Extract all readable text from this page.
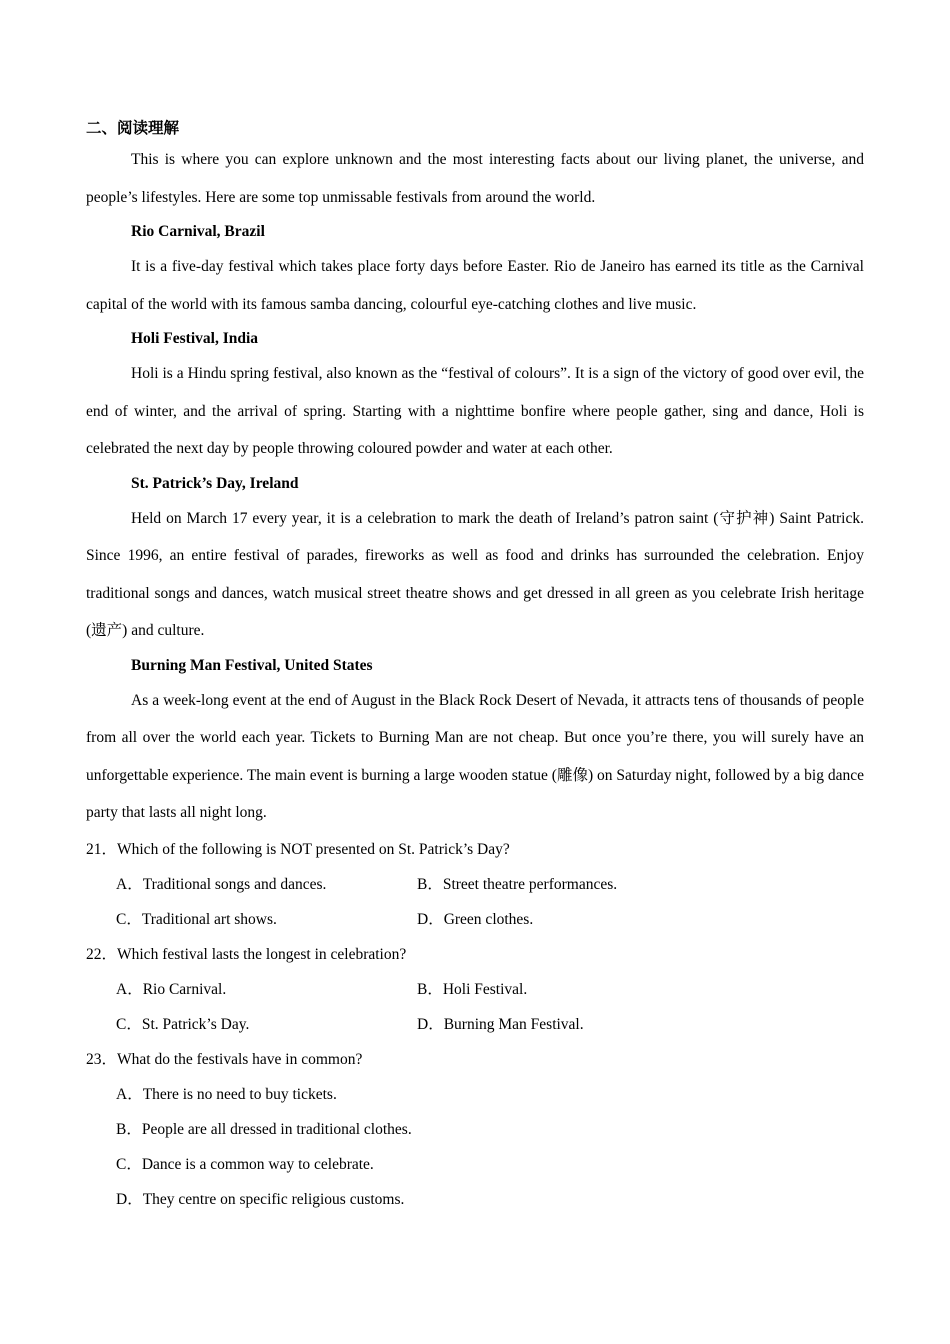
二、阅读理解

This is where you can explore unknown and the most interesting facts about our living planet, the universe, and people’s lifestyles. Here are some top unmissable festivals from around the world.

Rio Carnival, Brazil

It is a five-day festival which takes place forty days before Easter. Rio de Janeiro has earned its title as the Carnival capital of the world with its famous samba dancing, colourful eye-catching clothes and live music.

Holi Festival, India

Holi is a Hindu spring festival, also known as the “festival of colours”. It is a sign of the victory of good over evil, the end of winter, and the arrival of spring. Starting with a nighttime bonfire where people gather, sing and dance, Holi is celebrated the next day by people throwing coloured powder and water at each other.

St. Patrick’s Day, Ireland

Held on March 17 every year, it is a celebration to mark the death of Ireland’s patron saint (守护神) Saint Patrick. Since 1996, an entire festival of parades, fireworks as well as food and drinks has surrounded the celebration. Enjoy traditional songs and dances, watch musical street theatre shows and get dressed in all green as you celebrate Irish heritage (遗产) and culture.

Burning Man Festival, United States

As a week-long event at the end of August in the Black Rock Desert of Nevada, it attracts tens of thousands of people from all over the world each year. Tickets to Burning Man are not cheap. But once you’re there, you will surely have an unforgettable experience. The main event is burning a large wooden statue (雕像) on Saturday night, followed by a big dance party that lasts all night long.

21．Which of the following is NOT presented on St. Patrick’s Day?

A．Traditional songs and dances.	B．Street theatre performances.
C．Traditional art shows.	D．Green clothes.

22．Which festival lasts the longest in celebration?

A．Rio Carnival.	B．Holi Festival.
C．St. Patrick’s Day.	D．Burning Man Festival.

23．What do the festivals have in common?

A．There is no need to buy tickets.
B．People are all dressed in traditional clothes.
C．Dance is a common way to celebrate.
D．They centre on specific religious customs.
